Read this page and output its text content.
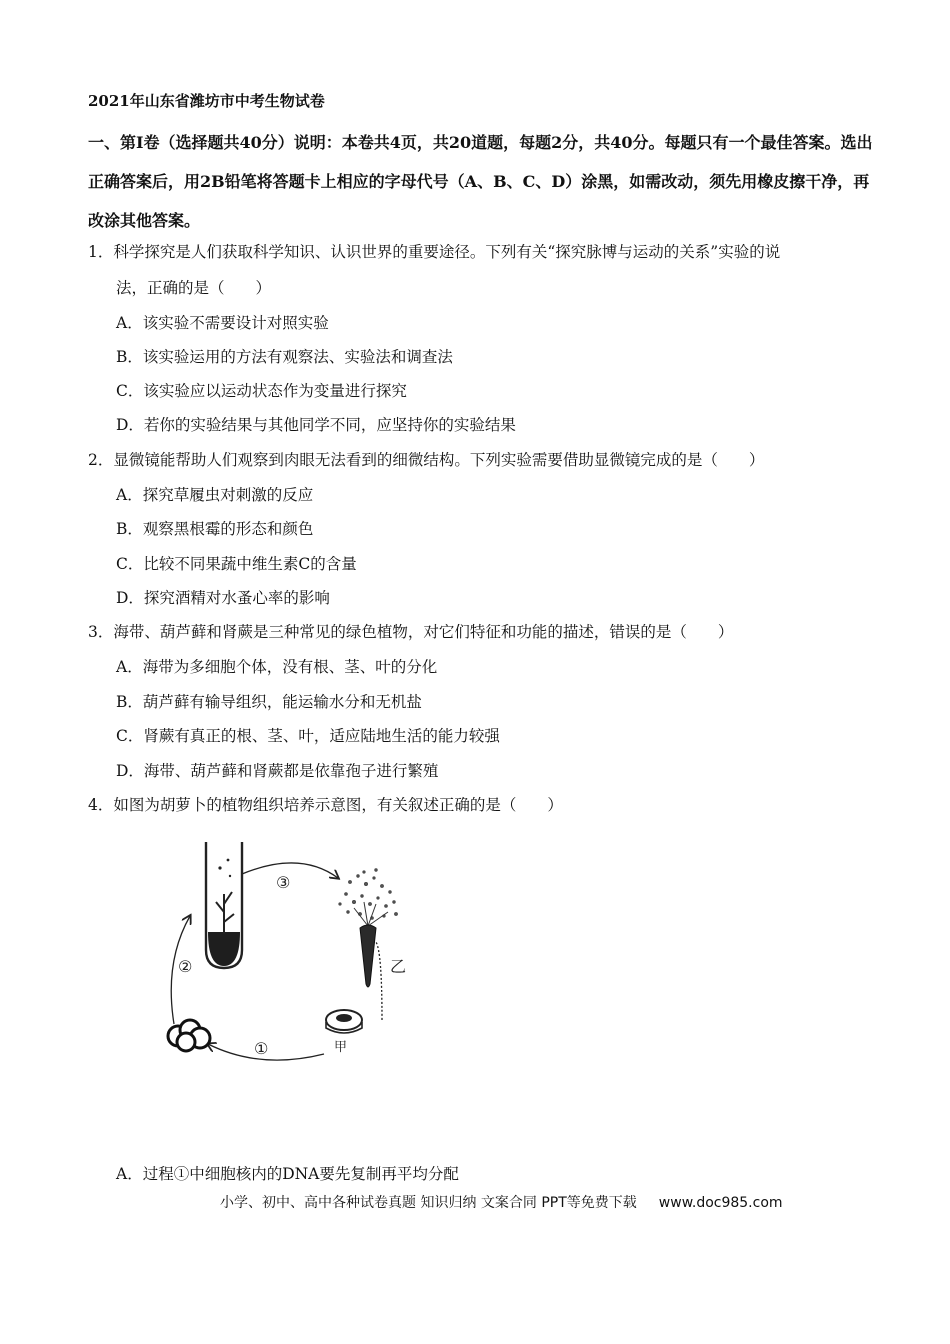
2021年山东省潍坊市中考生物试卷
一、第Ⅰ卷（选择题共40分）说明：本卷共4页，共20道题，每题2分，共40分。每题只有一个最佳答案。选出正确答案后，用2B铅笔将答题卡上相应的字母代号（A、B、C、D）涂黑，如需改动，须先用橡皮擦干净，再改涂其他答案。
1．科学探究是人们获取科学知识、认识世界的重要途径。下列有关“探究脉博与运动的关系”实验的说
法，正确的是（　　）
A．该实验不需要设计对照实验
B．该实验运用的方法有观察法、实验法和调查法
C．该实验应以运动状态作为变量进行探究
D．若你的实验结果与其他同学不同，应坚持你的实验结果
2．显微镜能帮助人们观察到肉眼无法看到的细微结构。下列实验需要借助显微镜完成的是（　　）
A．探究草履虫对刺激的反应
B．观察黑根霉的形态和颜色
C．比较不同果蔬中维生素C的含量
D．探究酒精对水蚤心率的影响
3．海带、葫芦藓和肾蕨是三种常见的绿色植物，对它们特征和功能的描述，错误的是（　　）
A．海带为多细胞个体，没有根、茎、叶的分化
B．葫芦藓有输导组织，能运输水分和无机盐
C．肾蕨有真正的根、茎、叶，适应陆地生活的能力较强
D．海带、葫芦藓和肾蕨都是依靠孢子进行繁殖
4．如图为胡萝卜的植物组织培养示意图，有关叙述正确的是（　　）
乙
甲
③
②
①
A．过程①中细胞核内的DNA要先复制再平均分配
小学、初中、高中各种试卷真题 知识归纳 文案合同 PPT等免费下载 www.doc985.com
